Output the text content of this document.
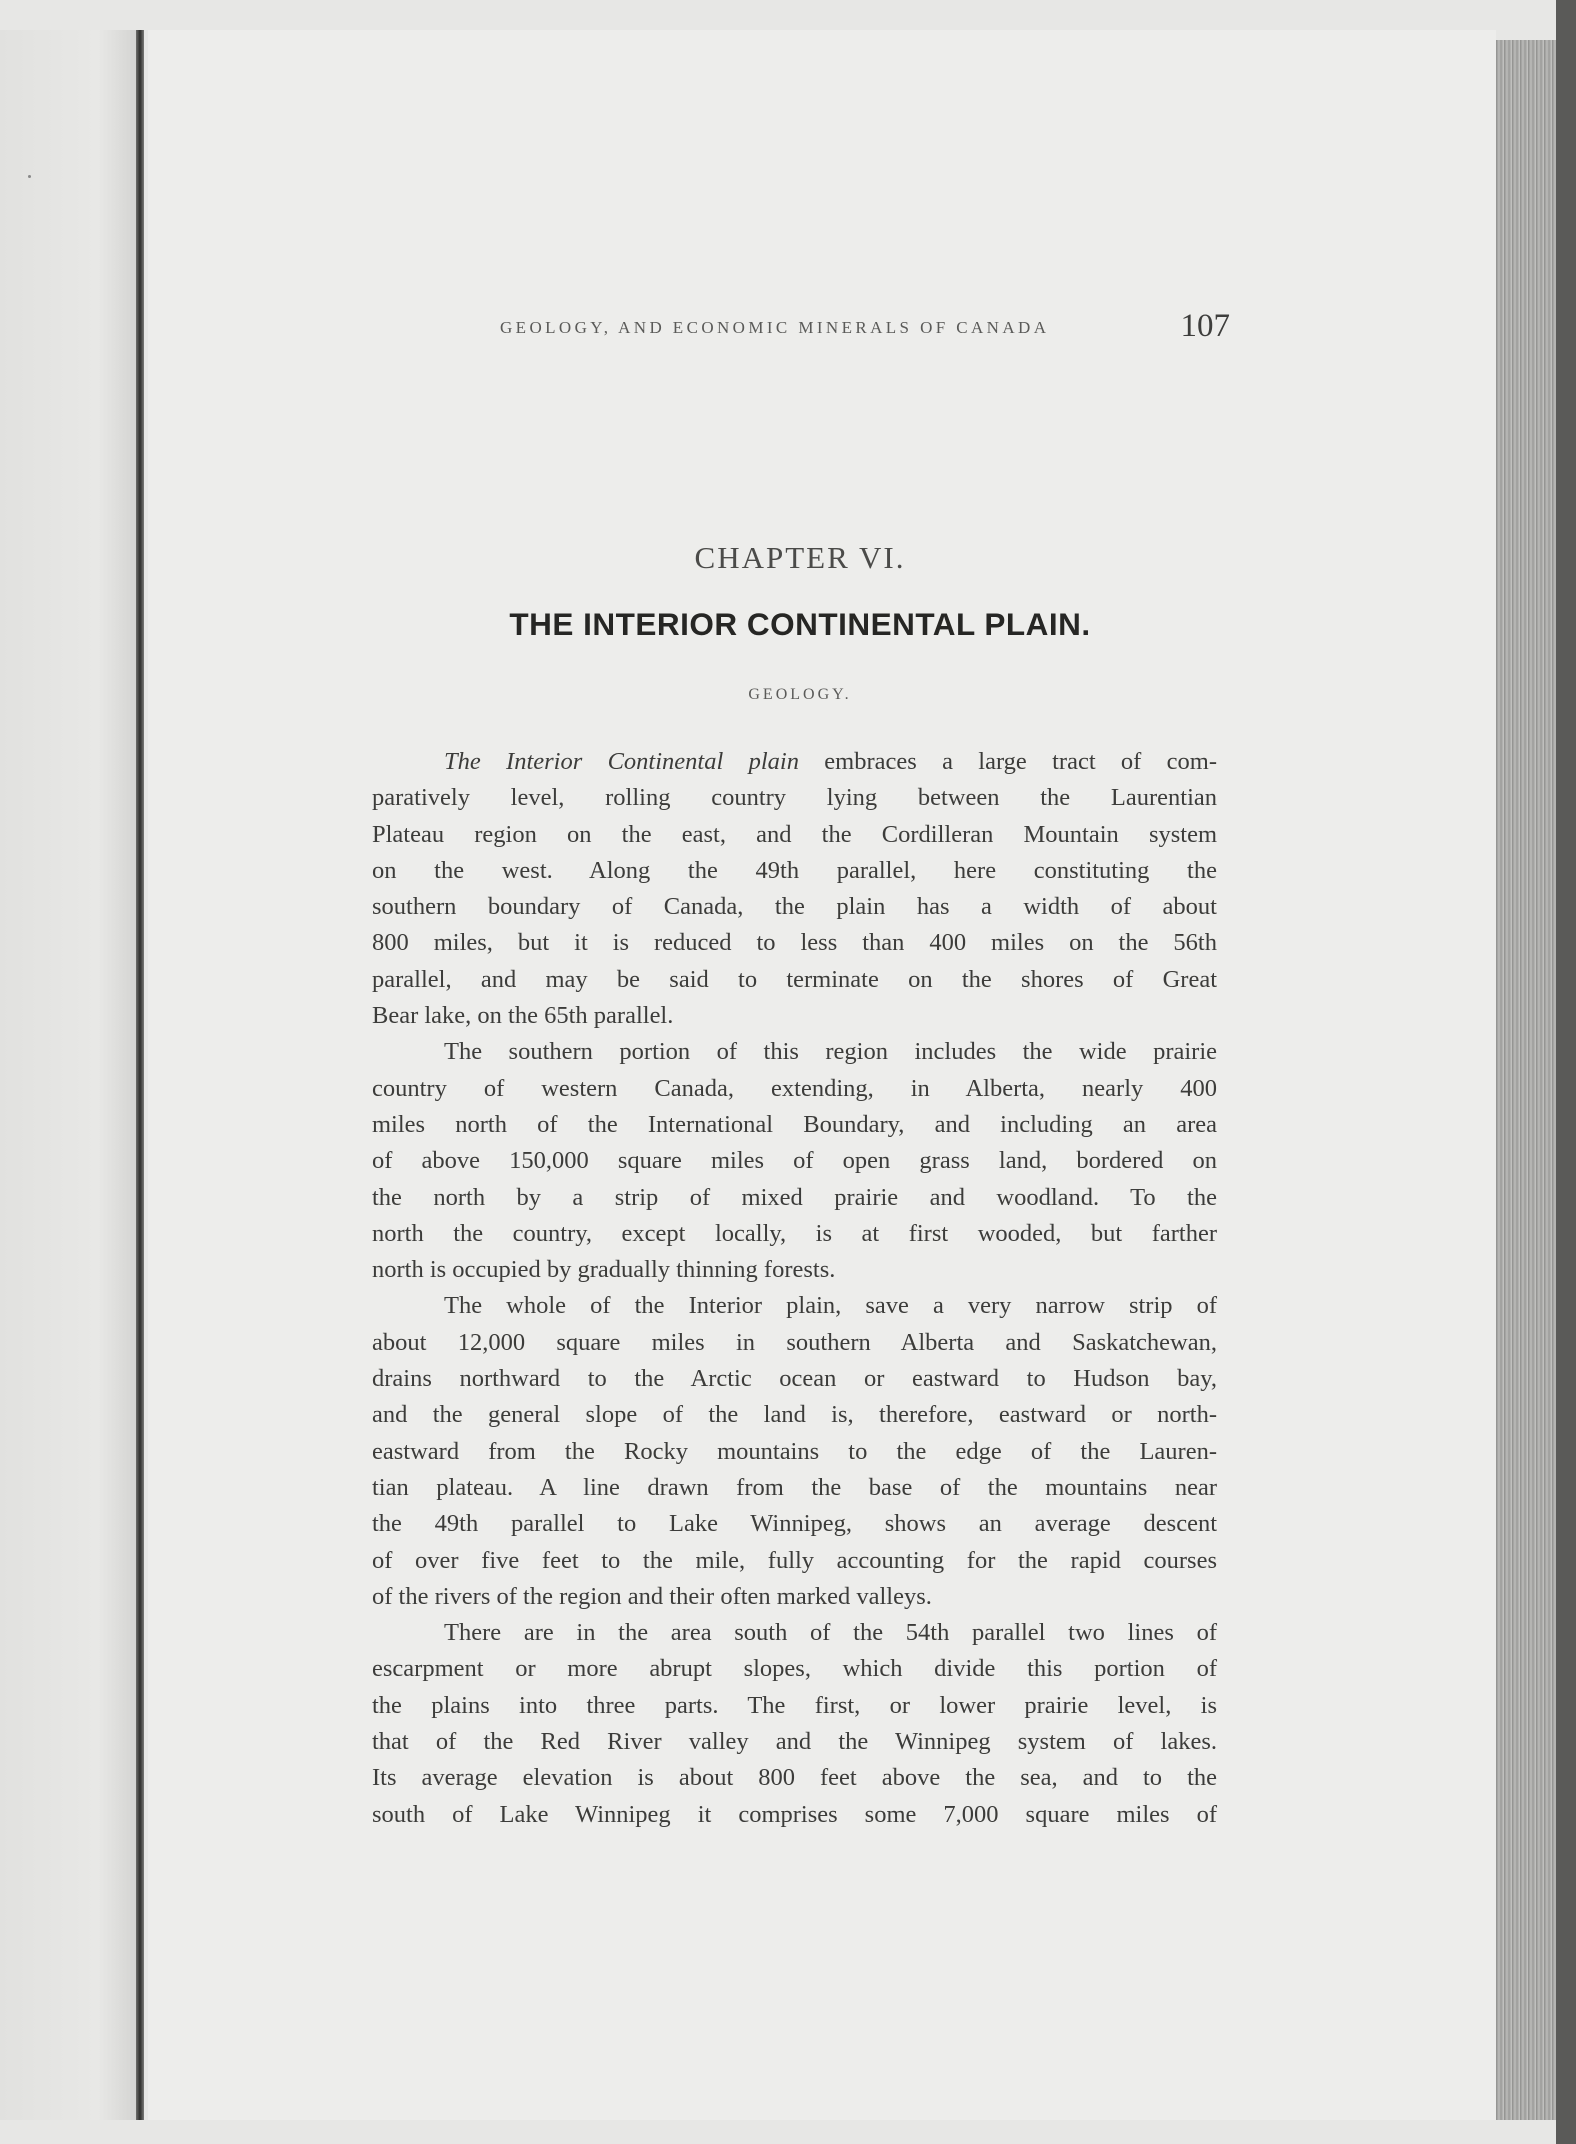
GEOLOGY, AND ECONOMIC MINERALS OF CANADA	107
CHAPTER VI.
THE INTERIOR CONTINENTAL PLAIN.
GEOLOGY.
The Interior Continental plain embraces a large tract of com-
paratively level, rolling country lying between the Laurentian
Plateau region on the east, and the Cordilleran Mountain system
on the west. Along the 49th parallel, here constituting the
southern boundary of Canada, the plain has a width of about
800 miles, but it is reduced to less than 400 miles on the 56th
parallel, and may be said to terminate on the shores of Great
Bear lake, on the 65th parallel.
The southern portion of this region includes the wide prairie
country of western Canada, extending, in Alberta, nearly 400
miles north of the International Boundary, and including an area
of above 150,000 square miles of open grass land, bordered on
the north by a strip of mixed prairie and woodland. To the
north the country, except locally, is at first wooded, but farther
north is occupied by gradually thinning forests.
The whole of the Interior plain, save a very narrow strip of
about 12,000 square miles in southern Alberta and Saskatchewan,
drains northward to the Arctic ocean or eastward to Hudson bay,
and the general slope of the land is, therefore, eastward or north-
eastward from the Rocky mountains to the edge of the Lauren-
tian plateau. A line drawn from the base of the mountains near
the 49th parallel to Lake Winnipeg, shows an average descent
of over five feet to the mile, fully accounting for the rapid courses
of the rivers of the region and their often marked valleys.
There are in the area south of the 54th parallel two lines of
escarpment or more abrupt slopes, which divide this portion of
the plains into three parts. The first, or lower prairie level, is
that of the Red River valley and the Winnipeg system of lakes.
Its average elevation is about 800 feet above the sea, and to the
south of Lake Winnipeg it comprises some 7,000 square miles of
